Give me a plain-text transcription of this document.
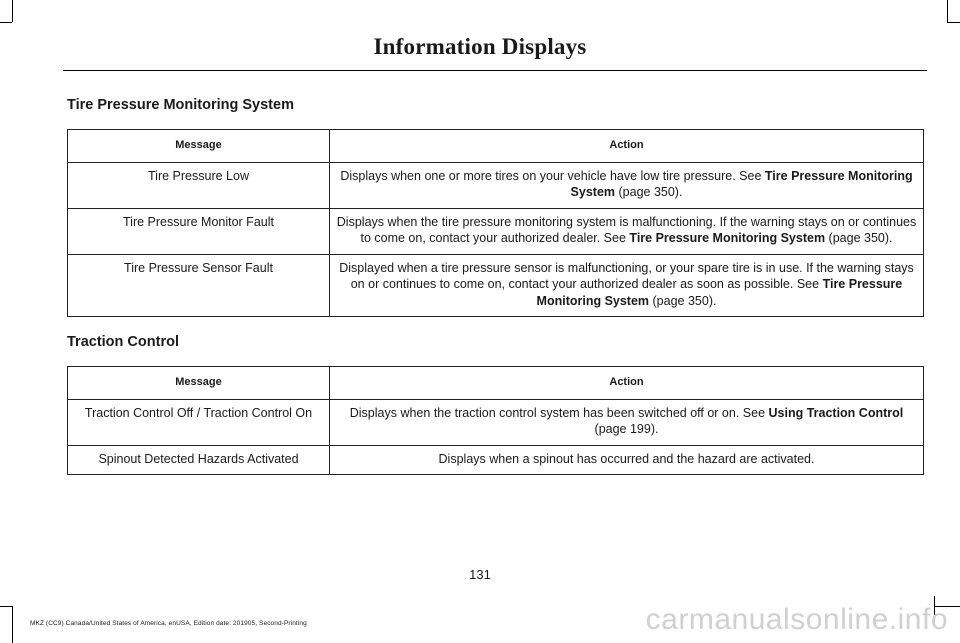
Information Displays
Tire Pressure Monitoring System
Message	Action
Tire Pressure Low	Displays when one or more tires on your vehicle have low tire pressure. See Tire Pressure Monitoring System (page 350).
Tire Pressure Monitor Fault	Displays when the tire pressure monitoring system is malfunctioning. If the warning stays on or continues to come on, contact your authorized dealer. See Tire Pressure Monitoring System (page 350).
Tire Pressure Sensor Fault	Displayed when a tire pressure sensor is malfunctioning, or your spare tire is in use. If the warning stays on or continues to come on, contact your authorized dealer as soon as possible. See Tire Pressure Monitoring System (page 350).
Traction Control
Message	Action
Traction Control Off / Traction Control On	Displays when the traction control system has been switched off or on. See Using Traction Control (page 199).
Spinout Detected Hazards Activated	Displays when a spinout has occurred and the hazard are activated.
131
MKZ (CC9) Canada/United States of America, enUSA, Edition date: 201905, Second-Printing	carmanualsonline.info
